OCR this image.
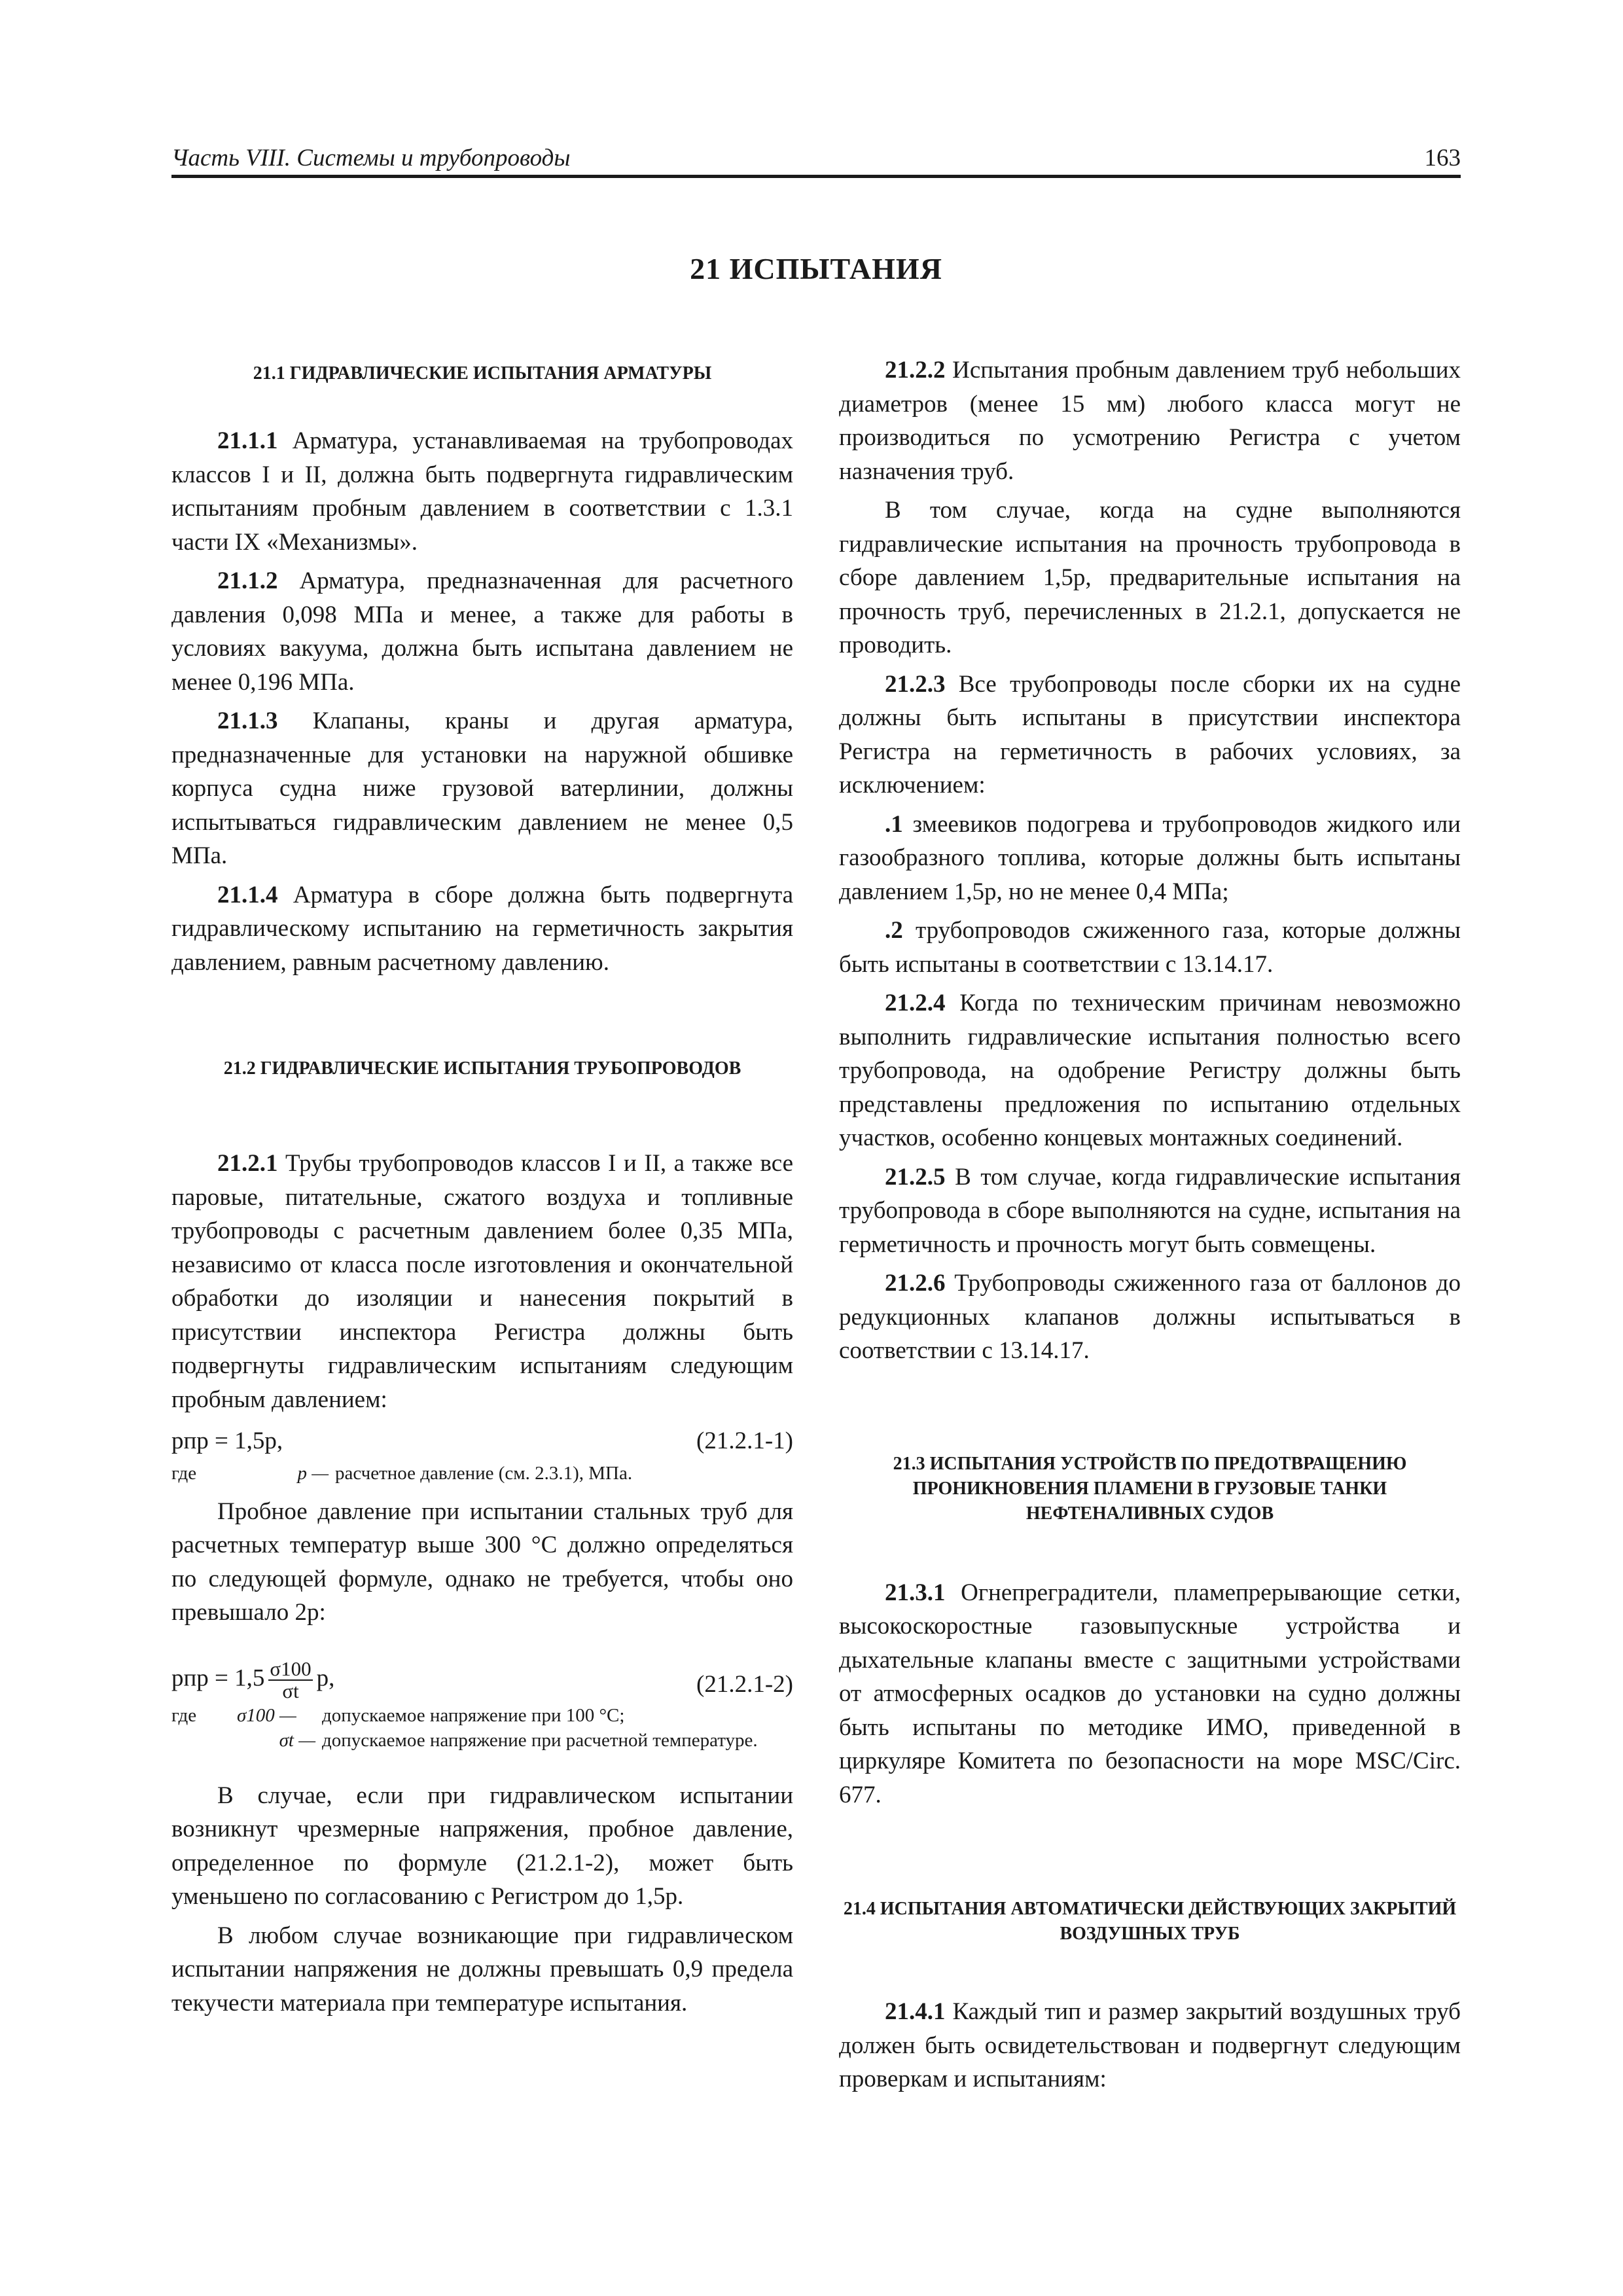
Часть VIII. Системы и трубопроводы	163
21 ИСПЫТАНИЯ
21.1 ГИДРАВЛИЧЕСКИЕ ИСПЫТАНИЯ АРМАТУРЫ

21.1.1 Арматура, устанавливаемая на трубопроводах классов I и II, должна быть подвергнута гидравлическим испытаниям пробным давлением в соответствии с 1.3.1 части IX «Механизмы».

21.1.2 Арматура, предназначенная для расчетного давления 0,098 МПа и менее, а также для работы в условиях вакуума, должна быть испытана давлением не менее 0,196 МПа.

21.1.3 Клапаны, краны и другая арматура, предназначенные для установки на наружной обшивке корпуса судна ниже грузовой ватерлинии, должны испытываться гидравлическим давлением не менее 0,5 МПа.

21.1.4 Арматура в сборе должна быть подвергнута гидравлическому испытанию на герметичность закрытия давлением, равным расчетному давлению.

21.2 ГИДРАВЛИЧЕСКИЕ ИСПЫТАНИЯ ТРУБОПРОВОДОВ

21.2.1 Трубы трубопроводов классов I и II, а также все паровые, питательные, сжатого воздуха и топливные трубопроводы с расчетным давлением более 0,35 МПа, независимо от класса после изготовления и окончательной обработки до изоляции и нанесения покрытий в присутствии инспектора Регистра должны быть подвергнуты гидравлическим испытаниям следующим пробным давлением:

pпр = 1,5p,	(21.2.1-1)
где	p — расчетное давление (см. 2.3.1), МПа.

Пробное давление при испытании стальных труб для расчетных температур выше 300 °С должно определяться по следующей формуле, однако не требуется, чтобы оно превышало 2p:

pпр = $1,5 \frac{\sigma 100}{\sigma t} p$,	(21.2.1-2)
где	σ100 —	допускаемое напряжение при 100 °С;
σt — допускаемое напряжение при расчетной температуре.

В случае, если при гидравлическом испытании возникнут чрезмерные напряжения, пробное давление, определенное по формуле (21.2.1-2), может быть уменьшено по согласованию с Регистром до 1,5p.

В любом случае возникающие при гидравлическом испытании напряжения не должны превышать 0,9 предела текучести материала при температуре испытания.

21.2.2 Испытания пробным давлением труб небольших диаметров (менее 15 мм) любого класса могут не производиться по усмотрению Регистра с учетом назначения труб.

В том случае, когда на судне выполняются гидравлические испытания на прочность трубопровода в сборе давлением 1,5p, предварительные испытания на прочность труб, перечисленных в 21.2.1, допускается не проводить.

21.2.3 Все трубопроводы после сборки их на судне должны быть испытаны в присутствии инспектора Регистра на герметичность в рабочих условиях, за исключением:

.1 змеевиков подогрева и трубопроводов жидкого или газообразного топлива, которые должны быть испытаны давлением 1,5p, но не менее 0,4 МПа;

.2 трубопроводов сжиженного газа, которые должны быть испытаны в соответствии с 13.14.17.

21.2.4 Когда по техническим причинам невозможно выполнить гидравлические испытания полностью всего трубопровода, на одобрение Регистру должны быть представлены предложения по испытанию отдельных участков, особенно концевых монтажных соединений.

21.2.5 В том случае, когда гидравлические испытания трубопровода в сборе выполняются на судне, испытания на герметичность и прочность могут быть совмещены.

21.2.6 Трубопроводы сжиженного газа от баллонов до редукционных клапанов должны испытываться в соответствии с 13.14.17.

21.3 ИСПЫТАНИЯ УСТРОЙСТВ ПО ПРЕДОТВРАЩЕНИЮ ПРОНИКНОВЕНИЯ ПЛАМЕНИ В ГРУЗОВЫЕ ТАНКИ НЕФТЕНАЛИВНЫХ СУДОВ

21.3.1 Огнепреградители, пламепрерывающие сетки, высокоскоростные газовыпускные устройства и дыхательные клапаны вместе с защитными устройствами от атмосферных осадков до установки на судно должны быть испытаны по методике ИМО, приведенной в циркуляре Комитета по безопасности на море MSC/Circ. 677.

21.4 ИСПЫТАНИЯ АВТОМАТИЧЕСКИ ДЕЙСТВУЮЩИХ ЗАКРЫТИЙ ВОЗДУШНЫХ ТРУБ

21.4.1 Каждый тип и размер закрытий воздушных труб должен быть освидетельствован и подвергнут следующим проверкам и испытаниям:
